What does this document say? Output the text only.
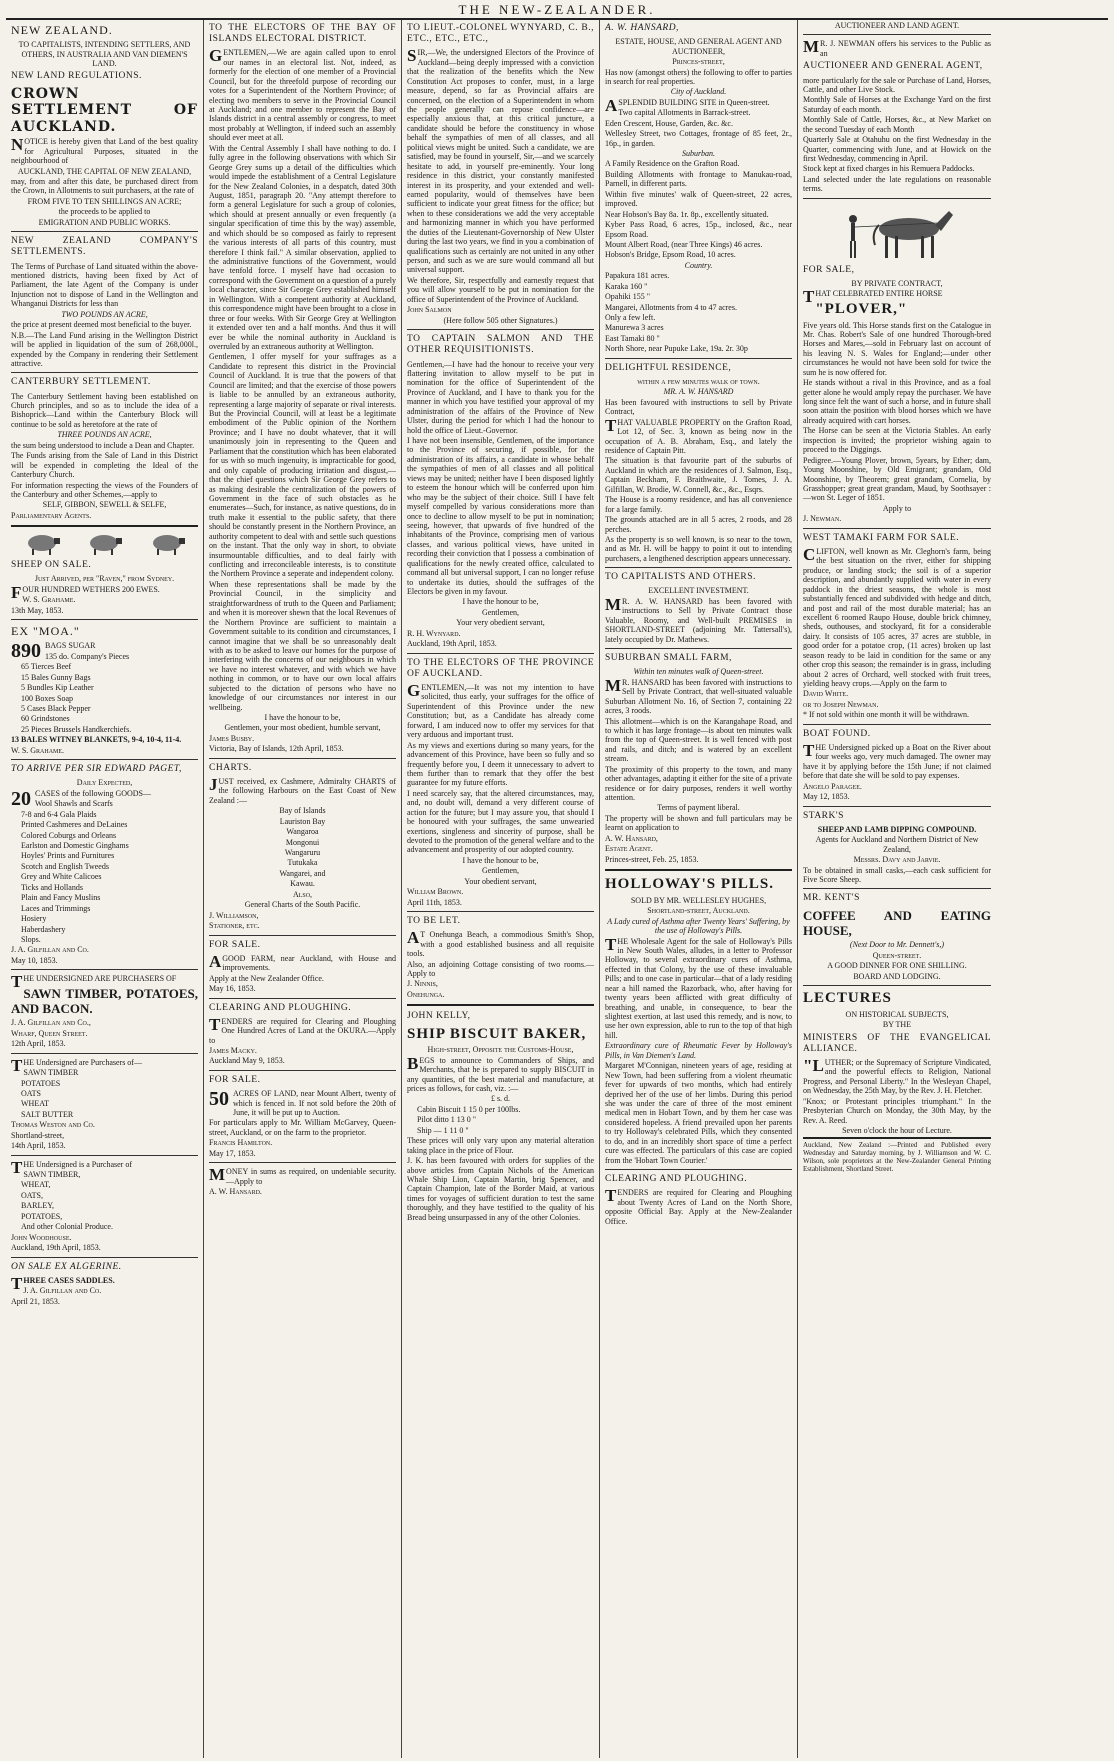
THE NEW-ZEALANDER.

NEW ZEALAND.

TO CAPITALISTS, INTENDING SETTLERS, AND OTHERS, IN AUSTRALIA AND VAN DIEMEN'S LAND.

NEW LAND REGULATIONS.

CROWN SETTLEMENT OF AUCKLAND.

NOTICE is hereby given that Land of the best quality for Agricultural Purposes, situated in the neighbourhood of

AUCKLAND, THE CAPITAL OF NEW ZEALAND,

may, from and after this date, be purchased direct from the Crown, in Allotments to suit purchasers, at the rate of

FROM FIVE TO TEN SHILLINGS AN ACRE;

the proceeds to be applied to

EMIGRATION AND PUBLIC WORKS.

NEW ZEALAND COMPANY'S SETTLEMENTS.

The Terms of Purchase of Land situated within the above-mentioned districts, having been fixed by Act of Parliament, the late Agent of the Company is under Injunction not to dispose of Land in the Wellington and Whanganui Districts for less than

TWO POUNDS AN ACRE,

the price at present deemed most beneficial to the buyer.

N.B.—The Land Fund arising in the Wellington District will be applied in liquidation of the sum of 268,000l., expended by the Company in rendering their Settlement attractive.

CANTERBURY SETTLEMENT.

The Canterbury Settlement having been established on Church principles, and so as to include the idea of a Bishoprick—Land within the Canterbury Block will continue to be sold as heretofore at the rate of

THREE POUNDS AN ACRE,

the sum being understood to include a Dean and Chapter.

The Funds arising from the Sale of Land in this District will be expended in completing the Ideal of the Canterbury Church.

For information respecting the views of the Founders of the Canterbury and other Schemes,—apply to

SELF, GIBBON, SEWELL & SELFE,

Parliamentary Agents.

SHEEP ON SALE.

Just Arrived, per "Raven," from Sydney.

FOUR HUNDRED WETHERS 200 EWES.

W. S. Grahame.

13th May, 1853.

EX "MOA."

890 BAGS SUGAR

135 do. Company's Pieces

65 Tierces Beef

15 Bales Gunny Bags

5 Bundles Kip Leather

100 Boxes Soap

5 Cases Black Pepper

60 Grindstones

25 Pieces Brussels Handkerchiefs.

13 BALES WITNEY BLANKETS, 9-4, 10-4, 11-4.

W. S. Grahame.

TO ARRIVE PER SIR EDWARD PAGET,

Daily Expected,

20 CASES of the following GOODS—

Wool Shawls and Scarfs

7-8 and 6-4 Gala Plaids

Printed Cashmeres and DeLaines

Colored Coburgs and Orleans

Earlston and Domestic Ginghams

Hoyles' Prints and Furnitures

Scotch and English Tweeds

Grey and White Calicoes

Ticks and Hollands

Plain and Fancy Muslins

Laces and Trimmings

Hosiery

Haberdashery

Slops.

J. A. Gilfillan and Co.

May 10, 1853.

THE UNDERSIGNED ARE PURCHASERS OF

SAWN TIMBER, POTATOES, AND BACON.

J. A. Gilfillan and Co.,

Wharf, Queen Street.

12th April, 1853.

THE Undersigned are Purchasers of—

SAWN TIMBER

POTATOES

OATS

WHEAT

SALT BUTTER

Thomas Weston and Co.

Shortland-street,

14th April, 1853.

THE Undersigned is a Purchaser of

SAWN TIMBER,

WHEAT,

OATS,

BARLEY,

POTATOES,

And other Colonial Produce.

John Woodhouse.

Auckland, 19th April, 1853.

ON SALE EX ALGERINE.

THREE CASES SADDLES.

J. A. Gilfillan and Co.

April 21, 1853.

TO THE ELECTORS OF THE BAY OF ISLANDS ELECTORAL DISTRICT.

GENTLEMEN,—We are again called upon to enrol our names in an electoral list. Not, indeed, as formerly for the election of one member of a Provincial Council, but for the threefold purpose of recording our votes for a Superintendent of the Northern Province; of electing two members to serve in the Provincial Council at Auckland; and one member to represent the Bay of Islands district in a central assembly or congress, to meet most probably at Wellington, if indeed such an assembly should ever meet at all.

With the Central Assembly I shall have nothing to do. I fully agree in the following observations with which Sir George Grey sums up a detail of the difficulties which would impede the establishment of a Central Legislature for the New Zealand Colonies, in a despatch, dated 30th August, 1851, paragraph 20. "Any attempt therefore to form a general Legislature for such a group of colonies, which should at present annually or even frequently (a singular specification of time this by the way) assemble, and which should be so composed as fairly to represent the various interests of all parts of this country, must therefore I think fail." A similar observation, applied to the administrative functions of the Government, would have tenfold force. I myself have had occasion to correspond with the Government on a question of a purely local character, since Sir George Grey established himself in Wellington. With a competent authority at Auckland, this correspondence might have been brought to a close in three or four weeks. With Sir George Grey at Wellington it extended over ten and a half months. And thus it will ever be while the nominal authority in Auckland is overruled by an extraneous authority at Wellington.

Gentlemen, I offer myself for your suffrages as a Candidate to represent this district in the Provincial Council of Auckland. It is true that the powers of that Council are limited; and that the exercise of those powers is liable to be annulled by an extraneous authority, representing a large majority of separate or rival interests. But the Provincial Council, will at least be a legitimate embodiment of the Public opinion of the Northern Province; and I have no doubt whatever, that it will unanimously join in representing to the Queen and Parliament that the constitution which has been elaborated for us with so much ingenuity, is impracticable for good, and only capable of producing irritation and disgust,—that the chief questions which Sir George Grey refers to as making desirable the centralization of the powers of Government in the face of such obstacles as he enumerates—Such, for instance, as native questions, do in truth make it essential to the public safety, that there should be constantly present in the Northern Province, an authority competent to deal with and settle such questions on the instant. That the only way in short, to obviate insurmountable difficulties, and to deal fairly with conflicting and irreconcileable interests, is to constitute the Northern Province a seperate and independent colony.

When these representations shall be made by the Provincial Council, in the simplicity and straightforwardness of truth to the Queen and Parliament; and when it is moreover shewn that the local Revenues of the Northern Province are sufficient to maintain a Government suitable to its condition and circumstances, I cannot imagine that we shall be so unreasonably dealt with as to be asked to leave our homes for the purpose of interfering with the concerns of our neighbours in which we have no interest whatever, and with which we have nothing in common, or to have our own local affairs subjected to the dictation of persons who have no knowledge of our circumstances nor interest in our wellbeing.

I have the honour to be,

Gentlemen, your most obedient, humble servant,

James Busby.

Victoria, Bay of Islands, 12th April, 1853.

CHARTS.

JUST received, ex Cashmere, Admiralty CHARTS of the following Harbours on the East Coast of New Zealand :—

Bay of Islands

Lauriston Bay

Wangaroa

Mongonui

Wangaruru

Tutukaka

Wangarei, and

Kawau.

Also,

General Charts of the South Pacific.

J. Williamson,

Stationer, etc.

FOR SALE.

AGOOD FARM, near Auckland, with House and improvements.

Apply at the New Zealander Office.

May 16, 1853.

CLEARING AND PLOUGHING.

TENDERS are required for Clearing and Ploughing One Hundred Acres of Land at the OKURA.—Apply to

James Macky.

Auckland May 9, 1853.

FOR SALE.

50 ACRES OF LAND, near Mount Albert, twenty of which is fenced in. If not sold before the 20th of June, it will be put up to Auction.

For particulars apply to Mr. William McGarvey, Queen-street, Auckland, or on the farm to the proprietor.

Francis Hamilton.

May 17, 1853.

MONEY in sums as required, on undeniable security.—Apply to

A. W. Hansard.

TO LIEUT.-COLONEL WYNYARD, C. B., ETC., ETC., ETC.,

SIR,—We, the undersigned Electors of the Province of Auckland—being deeply impressed with a conviction that the realization of the benefits which the New Constitution Act proposes to confer, must, in a large measure, depend, so far as Provincial affairs are concerned, on the election of a Superintendent in whom the people generally can repose confidence—are especially anxious that, at this critical juncture, a candidate should be before the constituency in whose behalf the sympathies of men of all classes, and all political views might be united. Such a candidate, we are satisfied, may be found in yourself, Sir,—and we scarcely hesitate to add, in yourself pre-eminently. Your long residence in this district, your constantly manifested interest in its prosperity, and your extended and well-earned popularity, would of themselves have been sufficient to indicate your great fitness for the office; but when to these considerations we add the very acceptable and harmonizing manner in which you have performed the duties of the Lieutenant-Governorship of New Ulster during the last two years, we find in you a combination of qualifications such as certainly are not united in any other person, and such as we are sure would command all but universal support.

We therefore, Sir, respectfully and earnestly request that you will allow yourself to be put in nomination for the office of Superintendent of the Province of Auckland.

John Salmon

(Here follow 505 other Signatures.)

TO CAPTAIN SALMON AND THE OTHER REQUISITIONISTS.

Gentlemen,—I have had the honour to receive your very flattering invitation to allow myself to be put in nomination for the office of Superintendent of the Province of Auckland, and I have to thank you for the manner in which you have testified your approval of my administration of the affairs of the Province of New Ulster, during the period for which I had the honour to hold the office of Lieut.-Governor.

I have not been insensible, Gentlemen, of the importance to the Province of securing, if possible, for the administration of its affairs, a candidate in whose behalf the sympathies of men of all classes and all political views may be united; neither have I been disposed lightly to esteem the honour which will be conferred upon him who may be the subject of their choice. Still I have felt myself compelled by various considerations more than once to decline to allow myself to be put in nomination; seeing, however, that upwards of five hundred of the inhabitants of the Province, comprising men of various classes, and various political views, have united in recording their conviction that I possess a combination of qualifications for the newly created office, calculated to command all but universal support, I can no longer refuse to undertake its duties, should the suffrages of the Electors be given in my favour.

I have the honour to be,

Gentlemen,

Your very obedient servant,

R. H. Wynyard.

Auckland, 19th April, 1853.

TO THE ELECTORS OF THE PROVINCE OF AUCKLAND.

GENTLEMEN,—It was not my intention to have solicited, thus early, your suffrages for the office of Superintendent of this Province under the new Constitution; but, as a Candidate has already come forward, I am induced now to offer my services for that very arduous and important trust.

As my views and exertions during so many years, for the advancement of this Province, have been so fully and so frequently before you, I deem it unnecessary to advert to them further than to remark that they offer the best guarantee for my future efforts.

I need scarcely say, that the altered circumstances, may, and, no doubt will, demand a very different course of action for the future; but I may assure you, that should I be honoured with your suffrages, the same unwearied exertions, singleness and sincerity of purpose, shall be devoted to the promotion of the general welfare and to the advancement and prosperity of our adopted country.

I have the honour to be,

Gentlemen,

Your obedient servant,

William Brown.

April 11th, 1853.

TO BE LET.

AT Onehunga Beach, a commodious Smith's Shop, with a good established business and all requisite tools.

Also, an adjoining Cottage consisting of two rooms.—Apply to

J. Ninnis,

Onehunga.

JOHN KELLY,

SHIP BISCUIT BAKER,

High-street, Opposite the Customs-House,

BEGS to announce to Commanders of Ships, and Merchants, that he is prepared to supply BISCUIT in any quantities, of the best material and manufacture, at prices as follows, for cash, viz. :—

£ s. d.

Cabin Biscuit 1 15 0 per 100lbs.

Pilot ditto 1 13 0 "

Ship — 1 11 0 "

These prices will only vary upon any material alteration taking place in the price of Flour.

J. K. has been favoured with orders for supplies of the above articles from Captain Nichols of the American Whale Ship Lion, Captain Martin, brig Spencer, and Captain Champion, late of the Border Maid, at various times for voyages of sufficient duration to test the same thoroughly, and they have testified to the quality of his Bread being unsurpassed in any of the other Colonies.

A. W. HANSARD,

ESTATE, HOUSE, AND GENERAL AGENT AND AUCTIONEER,

Princes-street,

Has now (amongst others) the following to offer to parties in search for real properties.

City of Auckland.

ASPLENDID BUILDING SITE in Queen-street.

Two capital Allotments in Barrack-street.

Eden Crescent, House, Garden, &c. &c.

Wellesley Street, two Cottages, frontage of 85 feet, 2r., 16p., in garden.

Suburban.

A Family Residence on the Grafton Road.

Building Allotments with frontage to Manukau-road, Parnell, in different parts.

Within five minutes' walk of Queen-street, 22 acres, improved.

Near Hobson's Bay 8a. 1r. 8p., excellently situated.

Kyber Pass Road, 6 acres, 15p., inclosed, &c., near Epsom Road.

Mount Albert Road, (near Three Kings) 46 acres.

Hobson's Bridge, Epsom Road, 10 acres.

Country.

Papakura 181 acres.

Karaka 160 "

Opahiki 155 "

Mangarei, Allotments from 4 to 47 acres.

Only a few left.

Manurewa 3 acres

East Tamaki 80 "

North Shore, near Pupuke Lake, 19a. 2r. 30p

DELIGHTFUL RESIDENCE,

within a few minutes walk of town.

MR. A. W. HANSARD

Has been favoured with instructions to sell by Private Contract,

THAT VALUABLE PROPERTY on the Grafton Road, Lot 12, of Sec. 3, known as being now in the occupation of A. B. Abraham, Esq., and lately the residence of Captain Pitt.

The situation is that favourite part of the suburbs of Auckland in which are the residences of J. Salmon, Esq., Captain Beckham, F. Braithwaite, J. Tomes, J. A. Gilfillan, W. Brodie, W. Connell, &c., &c., Esqrs.

The House is a roomy residence, and has all convenience for a large family.

The grounds attached are in all 5 acres, 2 roods, and 28 perches.

As the property is so well known, is so near to the town, and as Mr. H. will be happy to point it out to intending purchasers, a lengthened description appears unnecessary.

TO CAPITALISTS AND OTHERS.

EXCELLENT INVESTMENT.

MR. A. W. HANSARD has been favored with instructions to Sell by Private Contract those Valuable, Roomy, and Well-built PREMISES in SHORTLAND-STREET (adjoining Mr. Tattersall's), lately occupied by Dr. Mathews.

SUBURBAN SMALL FARM,

Within ten minutes walk of Queen-street.

MR. HANSARD has been favored with instructions to Sell by Private Contract, that well-situated valuable Suburban Allotment No. 16, of Section 7, containing 22 acres, 3 roods.

This allotment—which is on the Karangahape Road, and to which it has large frontage—is about ten minutes walk from the top of Queen-street. It is well fenced with post and rails, and ditch; and is watered by an excellent stream.

The proximity of this property to the town, and many other advantages, adapting it either for the site of a private residence or for dairy purposes, renders it well worthy attention.

Terms of payment liberal.

The property will be shown and full particulars may be learnt on application to

A. W. Hansard,

Estate Agent.

Princes-street, Feb. 25, 1853.

HOLLOWAY'S PILLS.

SOLD BY MR. WELLESLEY HUGHES,

Shortland-street, Auckland.

A Lady cured of Asthma after Twenty Years' Suffering, by the use of Holloway's Pills.

THE Wholesale Agent for the sale of Holloway's Pills in New South Wales, alludes, in a letter to Professor Holloway, to several extraordinary cures of Asthma, effected in that Colony, by the use of these invaluable Pills; and to one case in particular—that of a lady residing near a hill named the Razorback, who, after having for twenty years been afflicted with great difficulty of breathing, and unable, in consequence, to bear the slightest exertion, at last used this remedy, and is now, to use her own expression, able to run to the top of that high hill.

Extraordinary cure of Rheumatic Fever by Holloway's Pills, in Van Diemen's Land.

Margaret M'Connigan, nineteen years of age, residing at New Town, had been suffering from a violent rheumatic fever for upwards of two months, which had entirely deprived her of the use of her limbs. During this period she was under the care of three of the most eminent medical men in Hobart Town, and by them her case was considered hopeless. A friend prevailed upon her parents to try Holloway's celebrated Pills, which they consented to do, and in an incredibly short space of time a perfect cure was effected. The particulars of this case are copied from the 'Hobart Town Courier.'

CLEARING AND PLOUGHING.

TENDERS are required for Clearing and Ploughing about Twenty Acres of Land on the North Shore, opposite Official Bay. Apply at the New-Zealander Office.

AUCTIONEER AND LAND AGENT.

MR. J. NEWMAN offers his services to the Public as an

AUCTIONEER AND GENERAL AGENT,

more particularly for the sale or Purchase of Land, Horses, Cattle, and other Live Stock.

Monthly Sale of Horses at the Exchange Yard on the first Saturday of each month.

Monthly Sale of Cattle, Horses, &c., at New Market on the second Tuesday of each Month

Quarterly Sale at Otahuhu on the first Wednesday in the Quarter, commencing with June, and at Howick on the first Wednesday, commencing in April.

Stock kept at fixed charges in his Remuera Paddocks.

Land selected under the late regulations on reasonable terms.

FOR SALE,

BY PRIVATE CONTRACT,

THAT CELEBRATED ENTIRE HORSE

"PLOVER,"

Five years old. This Horse stands first on the Catalogue in Mr. Chas. Robert's Sale of one hundred Thorough-bred Horses and Mares,—sold in February last on account of his leaving N. S. Wales for England;—under other circumstances he would not have been sold for twice the sum he is now offered for.

He stands without a rival in this Province, and as a foal getter alone he would amply repay the purchaser. We have long since felt the want of such a horse, and in future shall soon attain the position with blood horses which we have already acquired with cart horses.

The Horse can be seen at the Victoria Stables. An early inspection is invited; the proprietor wishing again to proceed to the Diggings.

Pedigree.—Young Plover, brown, 5years, by Ether; dam, Young Moonshine, by Old Emigrant; grandam, Old Moonshine, by Theorem; great grandam, Cornelia, by Grasshopper; great great grandam, Maud, by Soothsayer :—won St. Leger of 1851.

Apply to

J. Newman.

WEST TAMAKI FARM FOR SALE.

CLIFTON, well known as Mr. Cleghorn's farm, being the best situation on the river, either for shipping produce, or landing stock; the soil is of a superior description, and abundantly supplied with water in every paddock in the driest seasons, the whole is most substantially fenced and subdivided with hedge and ditch, and post and rail of the most durable material; has an excellent 6 roomed Raupo House, double brick chimney, sheds, outhouses, and stockyard, fit for a considerable dairy. It consists of 105 acres, 37 acres are stubble, in good order for a potatoe crop, (11 acres) broken up last season ready to be laid in condition for the same or any other crop this season; the remainder is in grass, including about 2 acres of Orchard, well stocked with fruit trees, yielding heavy crops.—Apply on the farm to

David White.

or to Joseph Newman.

* If not sold within one month it will be withdrawn.

BOAT FOUND.

THE Undersigned picked up a Boat on the River about four weeks ago, very much damaged. The owner may have it by applying before the 15th June; if not claimed before that date she will be sold to pay expenses.

Angelo Paragee.

May 12, 1853.

STARK'S

SHEEP AND LAMB DIPPING COMPOUND.

Agents for Auckland and Northern District of New Zealand,

Messrs. Davy and Jarvie.

To be obtained in small casks,—each cask sufficient for Five Score Sheep.

MR. KENT'S

COFFEE AND EATING HOUSE,

(Next Door to Mr. Dennett's,)

Queen-street.

A GOOD DINNER FOR ONE SHILLING.

BOARD AND LODGING.

LECTURES

ON HISTORICAL SUBJECTS,

BY THE

MINISTERS OF THE EVANGELICAL ALLIANCE.

"LUTHER; or the Supremacy of Scripture Vindicated, and the powerful effects to Religion, National Progress, and Personal Liberty." In the Wesleyan Chapel, on Wednesday, the 25th May, by the Rev. J. H. Fletcher.

"Knox; or Protestant principles triumphant." In the Presbyterian Church on Monday, the 30th May, by the Rev. A. Reed.

Seven o'clock the hour of Lecture.

Auckland, New Zealand :—Printed and Published every Wednesday and Saturday morning, by J. Williamson and W. C. Wilson, sole proprietors at the New-Zealander General Printing Establishment, Shortland Street.
